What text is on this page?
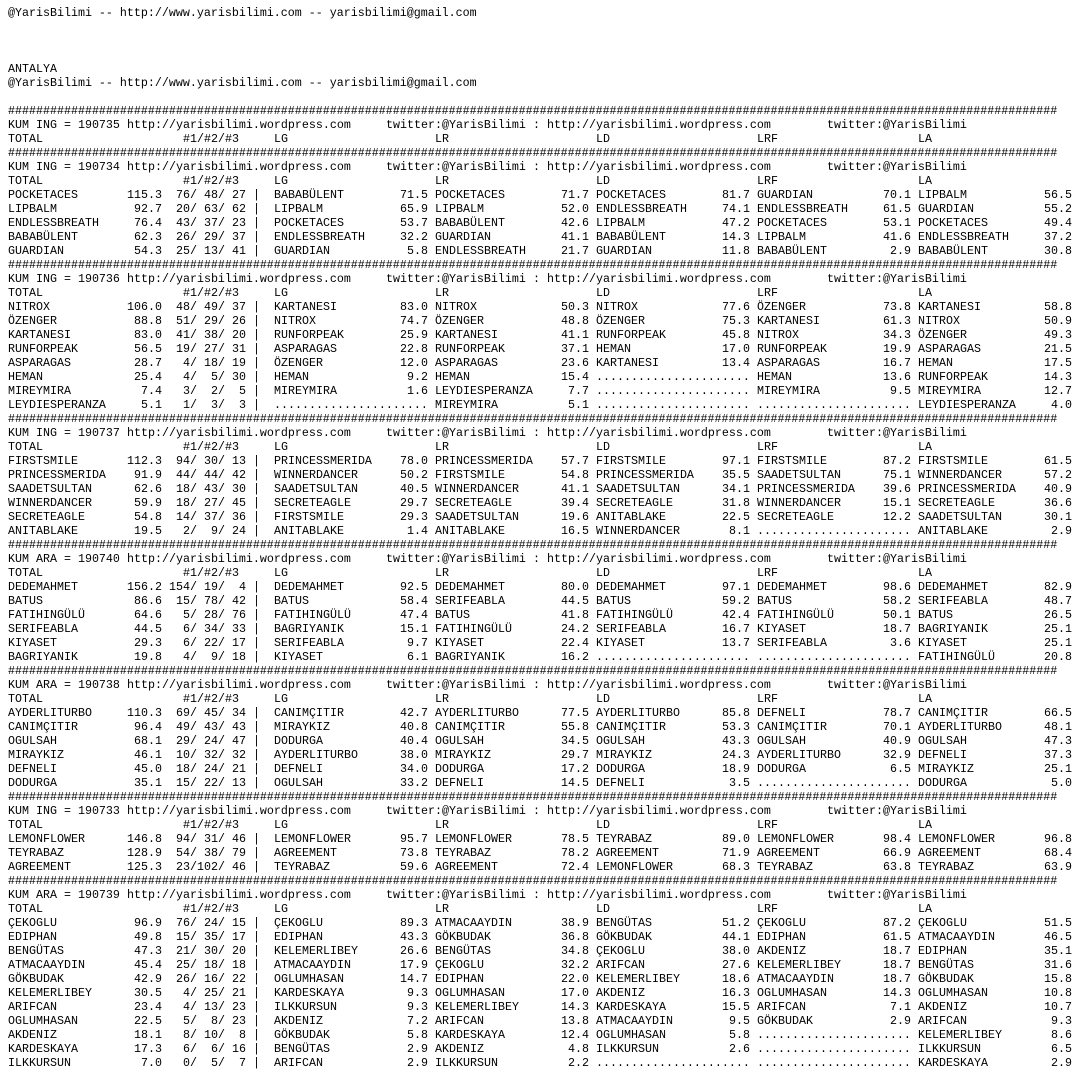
@YarisBilimi -- http://www.yarisbilimi.com -- yarisbilimi@gmail.com
ANTALYA
@YarisBilimi -- http://www.yarisbilimi.com -- yarisbilimi@gmail.com
######################################################################################################################################################
KUM ING = 190735 http://yarisbilimi.wordpress.com	twitter:@YarisBilimi : http://yarisbilimi.wordpress.com	twitter:@YarisBilimi
TOTAL	#1/#2/#3	LG	LR	LD	LRF	LA
######################################################################################################################################################
KUM ING = 190734 http://yarisbilimi.wordpress.com	twitter:@YarisBilimi : http://yarisbilimi.wordpress.com	twitter:@YarisBilimi
TOTAL	#1/#2/#3	LG	LR	LD	LRF	LA
POCKETACES	115.3	76/ 48/ 27 | BABABÜLENT	71.5 POCKETACES	71.7 POCKETACES	81.7 GUARDIAN	70.1 LIPBALM	56.5
LIPBALM	92.7	20/ 63/ 62 | LIPBALM	65.9 LIPBALM	52.0 ENDLESSBREATH	74.1 ENDLESSBREATH	61.5 GUARDIAN	55.2
ENDLESSBREATH	76.4	43/ 37/ 23 | POCKETACES	53.7 BABABÜLENT	42.6 LIPBALM	47.2 POCKETACES	53.1 POCKETACES	49.4
BABABÜLENT	62.3	26/ 29/ 37 | ENDLESSBREATH	32.2 GUARDIAN	41.1 BABABÜLENT	14.3 LIPBALM	41.6 ENDLESSBREATH	37.2
GUARDIAN	54.3	25/ 13/ 41 | GUARDIAN	5.8 ENDLESSBREATH	21.7 GUARDIAN	11.8 BABABÜLENT	2.9 BABABÜLENT	30.8
######################################################################################################################################################
KUM ING = 190736 http://yarisbilimi.wordpress.com	twitter:@YarisBilimi : http://yarisbilimi.wordpress.com	twitter:@YarisBilimi
TOTAL	#1/#2/#3	LG	LR	LD	LRF	LA
NITROX	106.0	48/ 49/ 37 | KARTANESI	83.0 NITROX	50.3 NITROX	77.6 ÖZENGER	73.8 KARTANESI	58.8
ÖZENGER	88.8	51/ 29/ 26 | NITROX	74.7 ÖZENGER	48.8 ÖZENGER	75.3 KARTANESI	61.3 NITROX	50.9
KARTANESI	83.0	41/ 38/ 20 | RUNFORPEAK	25.9 KARTANESI	41.1 RUNFORPEAK	45.8 NITROX	34.3 ÖZENGER	49.3
RUNFORPEAK	56.5	19/ 27/ 31 | ASPARAGAS	22.8 RUNFORPEAK	37.1 HEMAN	17.0 RUNFORPEAK	19.9 ASPARAGAS	21.5
ASPARAGAS	28.7	4/ 18/ 19 | ÖZENGER	12.0 ASPARAGAS	23.6 KARTANESI	13.4 ASPARAGAS	16.7 HEMAN	17.5
HEMAN	25.4	4/  5/ 30 | HEMAN	9.2 HEMAN	15.4 ...................... HEMAN	13.6 RUNFORPEAK	14.3
MIREYMIRA	7.4	3/  2/  5 | MIREYMIRA	1.6 LEYDIESPERANZA	7.7 ...................... MIREYMIRA	9.5 MIREYMIRA	12.7
LEYDIESPERANZA	5.1	1/  3/  3 | ...................... MIREYMIRA	5.1 ...................... ...................... LEYDIESPERANZA	4.0
######################################################################################################################################################
KUM ING = 190737 http://yarisbilimi.wordpress.com	twitter:@YarisBilimi : http://yarisbilimi.wordpress.com	twitter:@YarisBilimi
TOTAL	#1/#2/#3	LG	LR	LD	LRF	LA
FIRSTSMILE	112.3	94/ 30/ 13 | PRINCESSMERIDA 78.0 PRINCESSMERIDA 57.7 FIRSTSMILE	97.1 FIRSTSMILE	87.2 FIRSTSMILE	61.5
PRINCESSMERIDA 91.9	44/ 44/ 42 | WINNERDANCER	50.2 FIRSTSMILE	54.8 PRINCESSMERIDA 35.5 SAADETSULTAN	75.1 WINNERDANCER	57.2
SAADETSULTAN	62.6	18/ 43/ 30 | SAADETSULTAN	40.5 WINNERDANCER	41.1 SAADETSULTAN	34.1 PRINCESSMERIDA 39.6 PRINCESSMERIDA 40.9
WINNERDANCER	59.9	18/ 27/ 45 | SECRETEAGLE	29.7 SECRETEAGLE	39.4 SECRETEAGLE	31.8 WINNERDANCER	15.1 SECRETEAGLE	36.6
SECRETEAGLE	54.8	14/ 37/ 36 | FIRSTSMILE	29.3 SAADETSULTAN	19.6 ANITABLAKE	22.5 SECRETEAGLE	12.2 SAADETSULTAN	30.1
ANITABLAKE	19.5	2/  9/ 24 | ANITABLAKE	1.4 ANITABLAKE	16.5 WINNERDANCER	8.1 ...................... ANITABLAKE	2.9
######################################################################################################################################################
KUM ARA = 190740 http://yarisbilimi.wordpress.com	twitter:@YarisBilimi : http://yarisbilimi.wordpress.com	twitter:@YarisBilimi
TOTAL	#1/#2/#3	LG	LR	LD	LRF	LA
DEDEMAHMET	156.2 154/ 19/  4 | DEDEMAHMET	92.5 DEDEMAHMET	80.0 DEDEMAHMET	97.1 DEDEMAHMET	98.6 DEDEMAHMET	82.9
BATUS	86.6	15/ 78/ 42 | BATUS	58.4 SERIFEABLA	44.5 BATUS	59.2 BATUS	58.2 SERIFEABLA	48.7
FATIHINGÜLÜ	64.6	5/ 28/ 76 | FATIHINGÜLÜ	47.4 BATUS	41.8 FATIHINGÜLÜ	42.4 FATIHINGÜLÜ	50.1 BATUS	26.5
SERIFEABLA	44.5	6/ 34/ 33 | BAGRIYANIK	15.1 FATIHINGÜLÜ	24.2 SERIFEABLA	16.7 KIYASET	18.7 BAGRIYANIK	25.1
KIYASET	29.3	6/ 22/ 17 | SERIFEABLA	9.7 KIYASET	22.4 KIYASET	13.7 SERIFEABLA	3.6 KIYASET	25.1
BAGRIYANIK	19.8	4/  9/ 18 | KIYASET	6.1 BAGRIYANIK	16.2 ...................... ...................... FATIHINGÜLÜ	20.8
######################################################################################################################################################
KUM ARA = 190738 http://yarisbilimi.wordpress.com	twitter:@YarisBilimi : http://yarisbilimi.wordpress.com	twitter:@YarisBilimi
TOTAL	#1/#2/#3	LG	LR	LD	LRF	LA
AYDERLITURBO	110.3	69/ 45/ 34 | CANIMÇITIR	42.7 AYDERLITURBO	77.5 AYDERLITURBO	85.8 DEFNELI	78.7 CANIMÇITIR	66.5
CANIMÇITIR	96.4	49/ 43/ 43 | MIRAYKIZ	40.8 CANIMÇITIR	55.8 CANIMÇITIR	53.3 CANIMÇITIR	70.1 AYDERLITURBO	48.1
OGULSAH	68.1	29/ 24/ 47 | DODURGA	40.4 OGULSAH	34.5 OGULSAH	43.3 OGULSAH	40.9 OGULSAH	47.3
MIRAYKIZ	46.1	10/ 32/ 32 | AYDERLITURBO	38.0 MIRAYKIZ	29.7 MIRAYKIZ	24.3 AYDERLITURBO	32.9 DEFNELI	37.3
DEFNELI	45.0	18/ 24/ 21 | DEFNELI	34.0 DODURGA	17.2 DODURGA	18.9 DODURGA	6.5 MIRAYKIZ	25.1
DODURGA	35.1	15/ 22/ 13 | OGULSAH	33.2 DEFNELI	14.5 DEFNELI	3.5 ...................... DODURGA	5.0
######################################################################################################################################################
KUM ING = 190733 http://yarisbilimi.wordpress.com	twitter:@YarisBilimi : http://yarisbilimi.wordpress.com	twitter:@YarisBilimi
TOTAL	#1/#2/#3	LG	LR	LD	LRF	LA
LEMONFLOWER	146.8	94/ 31/ 46 | LEMONFLOWER	95.7 LEMONFLOWER	78.5 TEYRABAZ	89.0 LEMONFLOWER	98.4 LEMONFLOWER	96.8
TEYRABAZ	128.9	54/ 38/ 79 | AGREEMENT	73.8 TEYRABAZ	78.2 AGREEMENT	71.9 AGREEMENT	66.9 AGREEMENT	68.4
AGREEMENT	125.3	23/102/ 46 | TEYRABAZ	59.6 AGREEMENT	72.4 LEMONFLOWER	68.3 TEYRABAZ	63.8 TEYRABAZ	63.9
######################################################################################################################################################
KUM ARA = 190739 http://yarisbilimi.wordpress.com	twitter:@YarisBilimi : http://yarisbilimi.wordpress.com	twitter:@YarisBilimi
TOTAL	#1/#2/#3	LG	LR	LD	LRF	LA
ÇEKOGLU	96.9	76/ 24/ 15 | ÇEKOGLU	89.3 ATMACAAYDIN	38.9 BENGÜTAS	51.2 ÇEKOGLU	87.2 ÇEKOGLU	51.5
EDIPHAN	49.8	15/ 35/ 17 | EDIPHAN	43.3 GÖKBUDAK	36.8 GÖKBUDAK	44.1 EDIPHAN	61.5 ATMACAAYDIN	46.5
BENGÜTAS	47.3	21/ 30/ 20 | KELEMERLIBEY	26.6 BENGÜTAS	34.8 ÇEKOGLU	38.0 AKDENIZ	18.7 EDIPHAN	35.1
ATMACAAYDIN	45.4	25/ 18/ 18 | ATMACAAYDIN	17.9 ÇEKOGLU	32.2 ARIFCAN	27.6 KELEMERLIBEY	18.7 BENGÜTAS	31.6
GÖKBUDAK	42.9	26/ 16/ 22 | OGLUMHASAN	14.7 EDIPHAN	22.0 KELEMERLIBEY	18.6 ATMACAAYDIN	18.7 GÖKBUDAK	15.8
KELEMERLIBEY	30.5	4/ 25/ 21 | KARDESKAYA	9.3 OGLUMHASAN	17.0 AKDENIZ	16.3 OGLUMHASAN	14.3 OGLUMHASAN	10.8
ARIFCAN	23.4	4/ 13/ 23 | ILKKURSUN	9.3 KELEMERLIBEY	14.3 KARDESKAYA	15.5 ARIFCAN	7.1 AKDENIZ	10.7
OGLUMHASAN	22.5	5/  8/ 23 | AKDENIZ	7.2 ARIFCAN	13.8 ATMACAAYDIN	9.5 GÖKBUDAK	2.9 ARIFCAN	9.3
AKDENIZ	18.1	8/ 10/  8 | GÖKBUDAK	5.8 KARDESKAYA	12.4 OGLUMHASAN	5.8 ...................... KELEMERLIBEY	8.6
KARDESKAYA	17.3	6/  6/ 16 | BENGÜTAS	2.9 AKDENIZ	4.8 ILKKURSUN	2.6 ...................... ILKKURSUN	6.5
ILKKURSUN	7.0	0/  5/  7 | ARIFCAN	2.9 ILKKURSUN	2.2 ...................... ...................... KARDESKAYA	2.9
